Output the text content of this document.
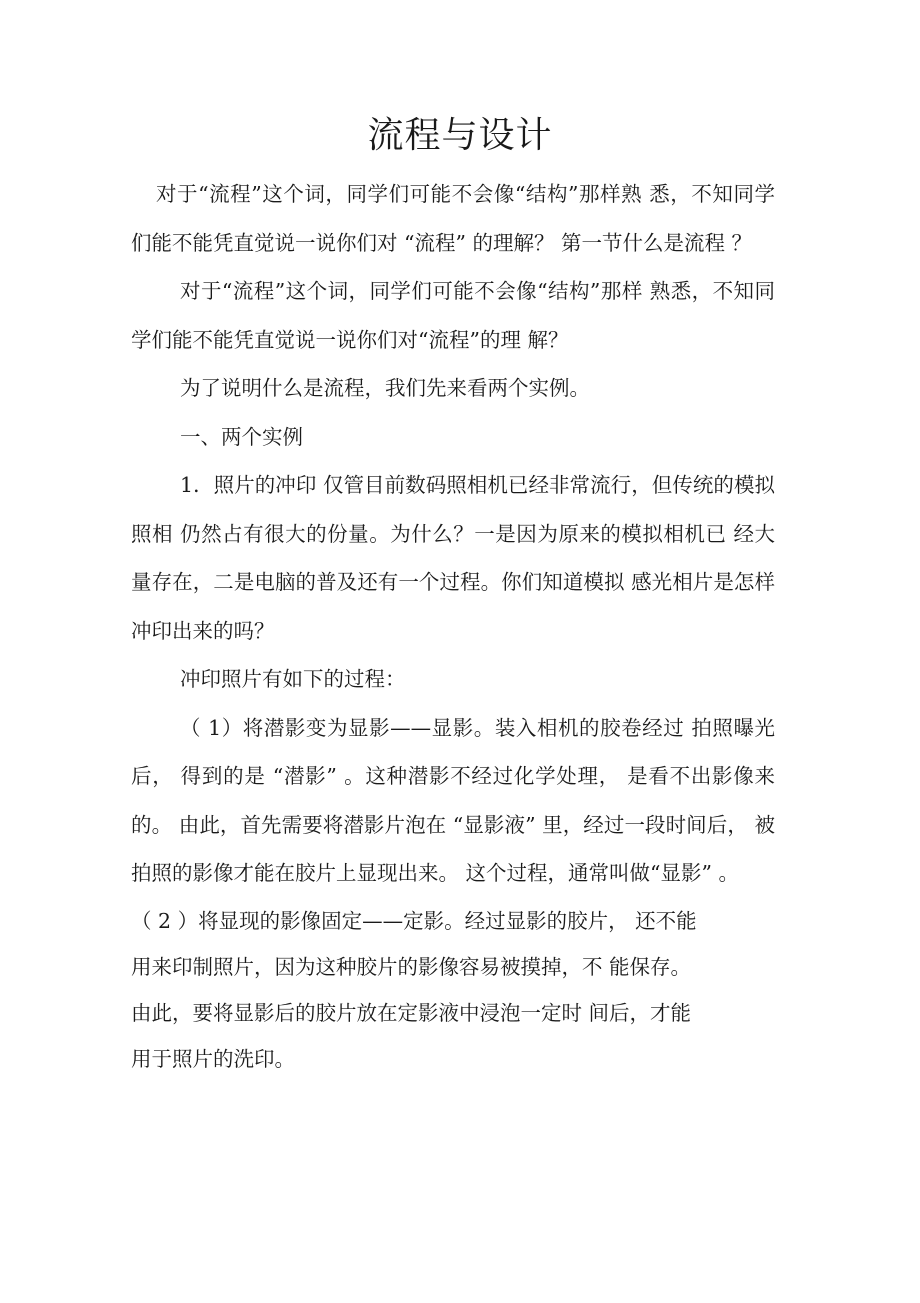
流程与设计

对于“流程”这个词，同学们可能不会像“结构”那样熟 悉，不知同学们能不能凭直觉说一说你们对 “流程” 的理解？ 第一节什么是流程 ？

对于“流程”这个词，同学们可能不会像“结构”那样 熟悉，不知同学们能不能凭直觉说一说你们对“流程”的理 解？

为了说明什么是流程，我们先来看两个实例。

一、两个实例

1．照片的冲印 仅管目前数码照相机已经非常流行，但传统的模拟照相 仍然占有很大的份量。为什么？一是因为原来的模拟相机已 经大量存在，二是电脑的普及还有一个过程。你们知道模拟 感光相片是怎样冲印出来的吗？

冲印照片有如下的过程：

（ 1）将潜影变为显影——显影。装入相机的胶卷经过 拍照曝光后， 得到的是 “潜影” 。这种潜影不经过化学处理， 是看不出影像来的。 由此，首先需要将潜影片泡在 “显影液” 里，经过一段时间后， 被拍照的影像才能在胶片上显现出来。 这个过程，通常叫做“显影” 。

（ 2 ）将显现的影像固定——定影。经过显影的胶片， 还不能

用来印制照片，因为这种胶片的影像容易被摸掉，不 能保存。

由此，要将显影后的胶片放在定影液中浸泡一定时 间后，才能

用于照片的洗印。
